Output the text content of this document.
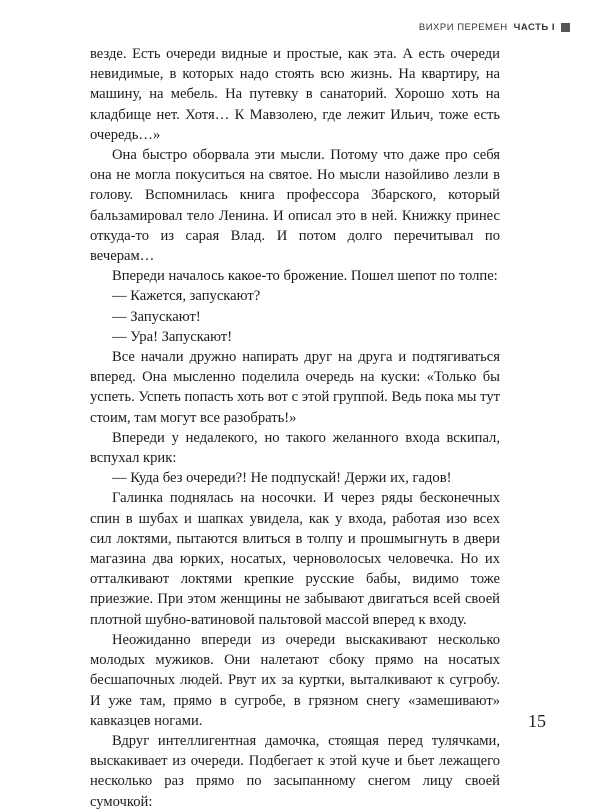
ВИХРИ ПЕРЕМЕН ЧАСТЬ I

везде. Есть очереди видные и простые, как эта. А есть очереди невидимые, в которых надо стоять всю жизнь. На квартиру, на машину, на мебель. На путевку в санаторий. Хорошо хоть на кладбище нет. Хотя… К Мавзолею, где лежит Ильич, тоже есть очередь…»

Она быстро оборвала эти мысли. Потому что даже про себя она не могла покуситься на святое. Но мысли назойливо лезли в голову. Вспомнилась книга профессора Збарского, который бальзамировал тело Ленина. И описал это в ней. Книжку принес откуда-то из сарая Влад. И потом долго перечитывал по вечерам…

Впереди началось какое-то брожение. Пошел шепот по толпе:

— Кажется, запускают?

— Запускают!

— Ура! Запускают!

Все начали дружно напирать друг на друга и подтягиваться вперед. Она мысленно поделила очередь на куски: «Только бы успеть. Успеть попасть хоть вот с этой группой. Ведь пока мы тут стоим, там могут все разобрать!»

Впереди у недалекого, но такого желанного входа вскипал, вспухал крик:

— Куда без очереди?! Не подпускай! Держи их, гадов!

Галинка поднялась на носочки. И через ряды бесконечных спин в шубах и шапках увидела, как у входа, работая изо всех сил локтями, пытаются влиться в толпу и прошмыгнуть в двери магазина два юрких, носатых, черноволосых человечка. Но их отталкивают локтями крепкие русские бабы, видимо тоже приезжие. При этом женщины не забывают двигаться всей своей плотной шубно-ватиновой пальтовой массой вперед к входу.

Неожиданно впереди из очереди выскакивают несколько молодых мужиков. Они налетают сбоку прямо на носатых бесшапочных людей. Рвут их за куртки, выталкивают к сугробу. И уже там, прямо в сугробе, в грязном снегу «замешивают» кавказцев ногами.

Вдруг интеллигентная дамочка, стоящая перед тулячками, выскакивает из очереди. Подбегает к этой куче и бьет лежащего несколько раз прямо по засыпанному снегом лицу своей сумочкой:

15
